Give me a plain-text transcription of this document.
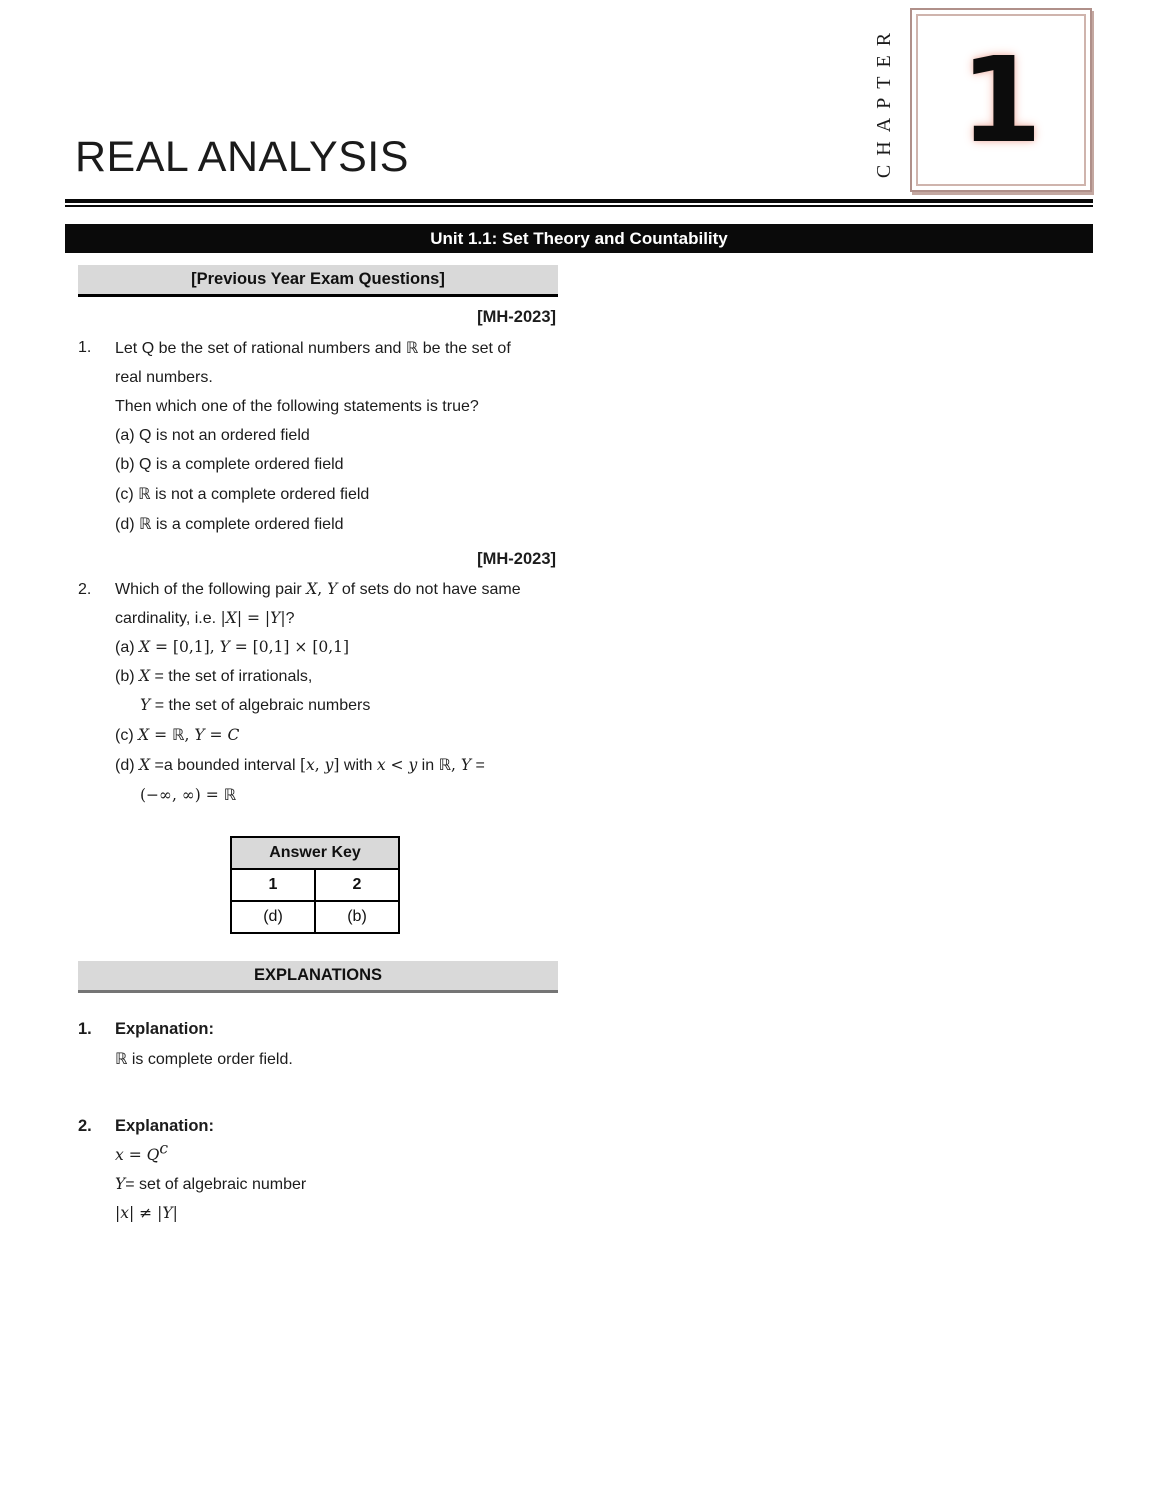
REAL ANALYSIS	CHAPTER 1
Unit 1.1: Set Theory and Countability
[Previous Year Exam Questions]
[MH-2023]
1.	Let Q be the set of rational numbers and ℝ be the set of
real numbers.
Then which one of the following statements is true?
(a) Q is not an ordered field
(b) Q is a complete ordered field
(c) ℝ is not a complete ordered field
(d) ℝ is a complete ordered field
[MH-2023]
2.	Which of the following pair X, Y of sets do not have same
cardinality, i.e. |X| = |Y|?
(a) X = [0,1], Y = [0,1] × [0,1]
(b) X = the set of irrationals,
Y = the set of algebraic numbers
(c) X = ℝ, Y = C
(d) X =a bounded interval [x, y] with x < y in ℝ, Y =
(−∞, ∞) = ℝ
Answer Key	
1	2
(d)	(b)
EXPLANATIONS
1.	Explanation:
ℝ is complete order field.
2.	Explanation:
$x = Q^c$
Y= set of algebraic number
|x| ≠ |Y|
